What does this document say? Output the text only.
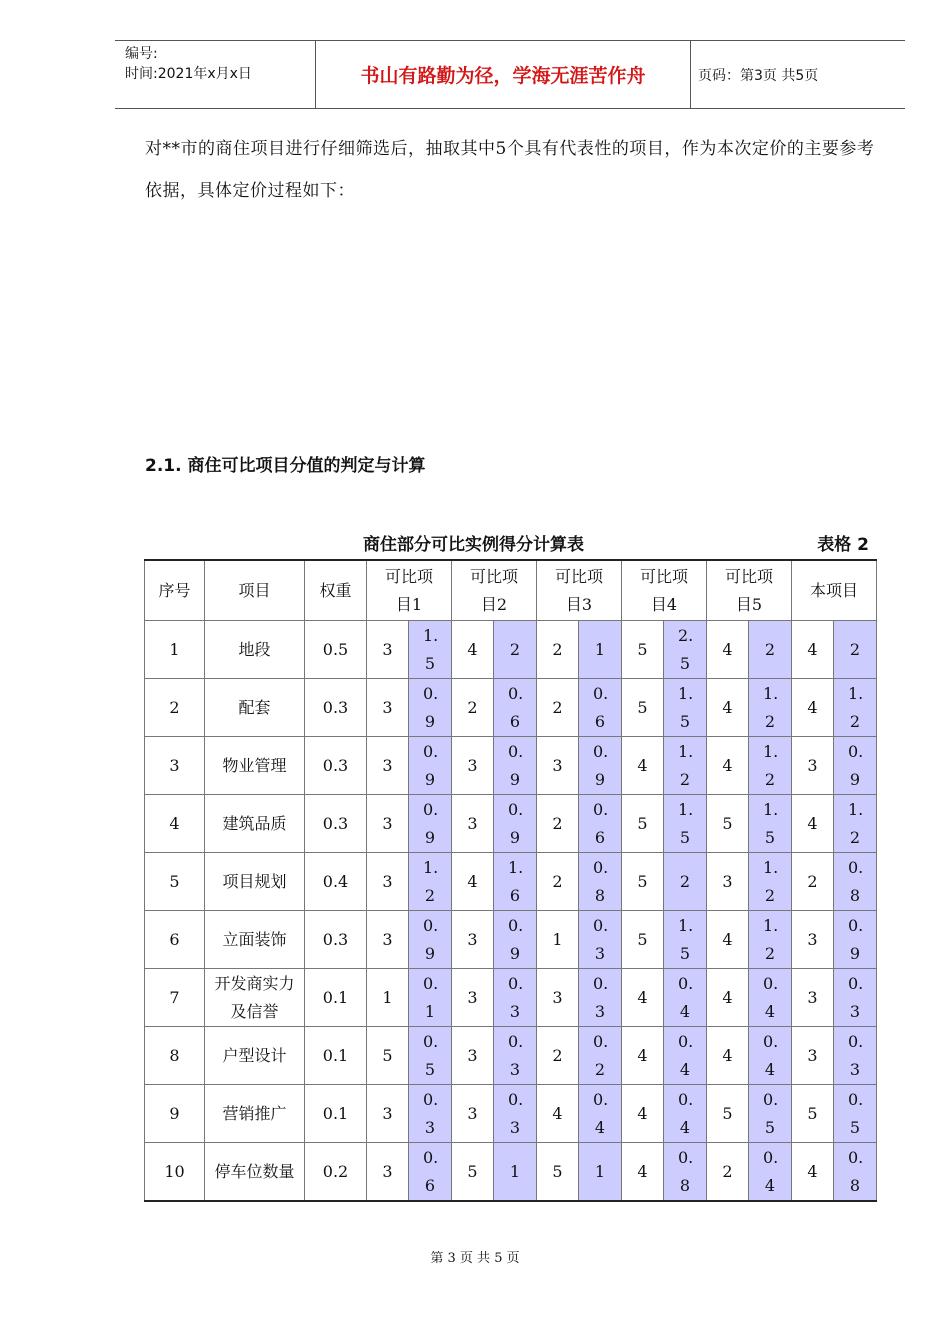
编号:
时间:2021年x月x日	书山有路勤为径，学海无涯苦作舟	页码：第3页 共5页
对**市的商住项目进行仔细筛选后，抽取其中5个具有代表性的项目，作为本次定价的主要参考依据，具体定价过程如下：
2.1. 商住可比项目分值的判定与计算
商住部分可比实例得分计算表	表格 2
序号	项目	权重	可比项目1		可比项目2		可比项目3		可比项目4		可比项目5		本项目	
1	地段	0.5	3	1.5	4	2	2	1	5	2.5	4	2	4	2
2	配套	0.3	3	0.9	2	0.6	2	0.6	5	1.5	4	1.2	4	1.2
3	物业管理	0.3	3	0.9	3	0.9	3	0.9	4	1.2	4	1.2	3	0.9
4	建筑品质	0.3	3	0.9	3	0.9	2	0.6	5	1.5	5	1.5	4	1.2
5	项目规划	0.4	3	1.2	4	1.6	2	0.8	5	2	3	1.2	2	0.8
6	立面装饰	0.3	3	0.9	3	0.9	1	0.3	5	1.5	4	1.2	3	0.9
7	开发商实力及信誉	0.1	1	0.1	3	0.3	3	0.3	4	0.4	4	0.4	3	0.3
8	户型设计	0.1	5	0.5	3	0.3	2	0.2	4	0.4	4	0.4	3	0.3
9	营销推广	0.1	3	0.3	3	0.3	4	0.4	4	0.4	5	0.5	5	0.5
10	停车位数量	0.2	3	0.6	5	1	5	1	4	0.8	2	0.4	4	0.8
第 3 页 共 5 页
